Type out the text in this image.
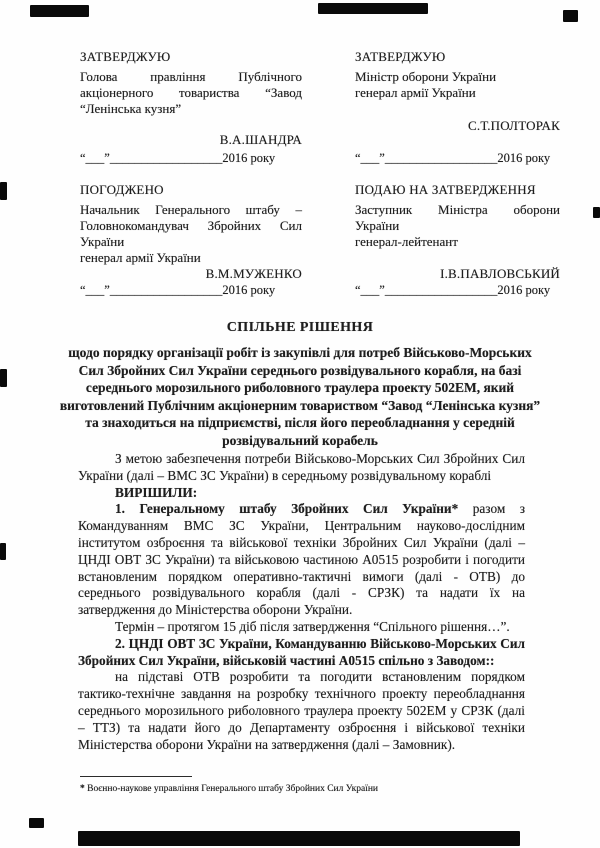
ЗАТВЕРДЖУЮ
Голова правління Публічного акціонерного товариства “Завод “Ленінська кузня”
ЗАТВЕРДЖУЮ
Міністр оборони України
генерал армії України
В.А.ШАНДРА
С.Т.ПОЛТОРАК
“___”__________________2016 року	“___”__________________2016 року
ПОГОДЖЕНО
Начальник Генерального штабу – Головнокомандувач Збройних Сил України
генерал армії України
ПОДАЮ НА ЗАТВЕРДЖЕННЯ
Заступник Міністра оборони України
генерал-лейтенант
В.М.МУЖЕНКО	І.В.ПАВЛОВСЬКИЙ
“___”__________________2016 року	“___”__________________2016 року
СПІЛЬНЕ РІШЕННЯ
щодо порядку організації робіт із закупівлі для потреб Військово-Морських Сил Збройних Сил України середнього розвідувального корабля, на базі середнього морозильного риболовного траулера проекту 502ЕМ, який виготовлений Публічним акціонерним товариством “Завод “Ленінська кузня” та знаходиться на підприємстві, після його переобладнання у середній розвідувальний корабель

З метою забезпечення потреби Військово-Морських Сил Збройних Сил України (далі – ВМС ЗС України) в середньому розвідувальному кораблі

ВИРІШИЛИ:

1. Генеральному штабу Збройних Сил України* разом з Командуванням ВМС ЗС України, Центральним науково-дослідним інститутом озброєння та військової техніки Збройних Сил України (далі – ЦНДІ ОВТ ЗС України) та військовою частиною А0515 розробити і погодити встановленим порядком оперативно-тактичні вимоги (далі - ОТВ) до середнього розвідувального корабля (далі - СРЗК) та надати їх на затвердження до Міністерства оборони України.

Термін – протягом 15 діб після затвердження “Спільного рішення…”.

2. ЦНДІ ОВТ ЗС України, Командуванню Військово-Морських Сил Збройних Сил України, військовій частині А0515 спільно з Заводом::

на підставі ОТВ розробити та погодити встановленим порядком тактико-технічне завдання на розробку технічного проекту переобладнання середнього морозильного риболовного траулера проекту 502ЕМ у СРЗК (далі – ТТЗ) та надати його до Департаменту озброєння і військової техніки Міністерства оборони України на затвердження (далі – Замовник).

* Воєнно-наукове управління Генерального штабу Збройних Сил України
